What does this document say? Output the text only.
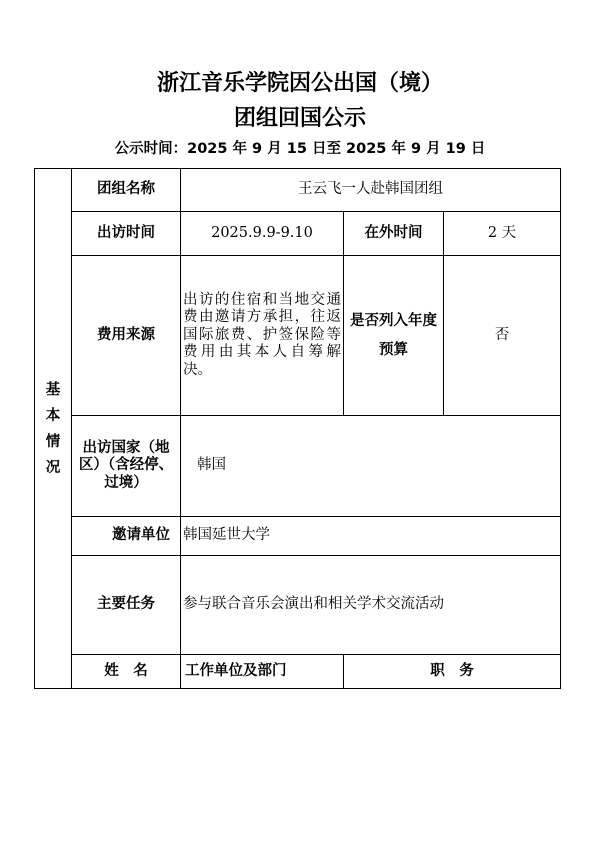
浙江音乐学院因公出国（境）
团组回国公示
公示时间：2025 年 9 月 15 日至 2025 年 9 月 19 日
基
本
情
况	团组名称	王云飞一人赴韩国团组		
	出访时间	2025.9.9-9.10	在外时间	2 天
	费用来源	出访的住宿和当地交通费由邀请方承担，往返国际旅费、护签保险等费用由其本人自筹解决。	是否列入年度预算	否
	出访国家（地区）（含经停、过境）	韩国		
	邀请单位	韩国延世大学		
	主要任务	参与联合音乐会演出和相关学术交流活动		
	姓　名	工作单位及部门	职　务	
